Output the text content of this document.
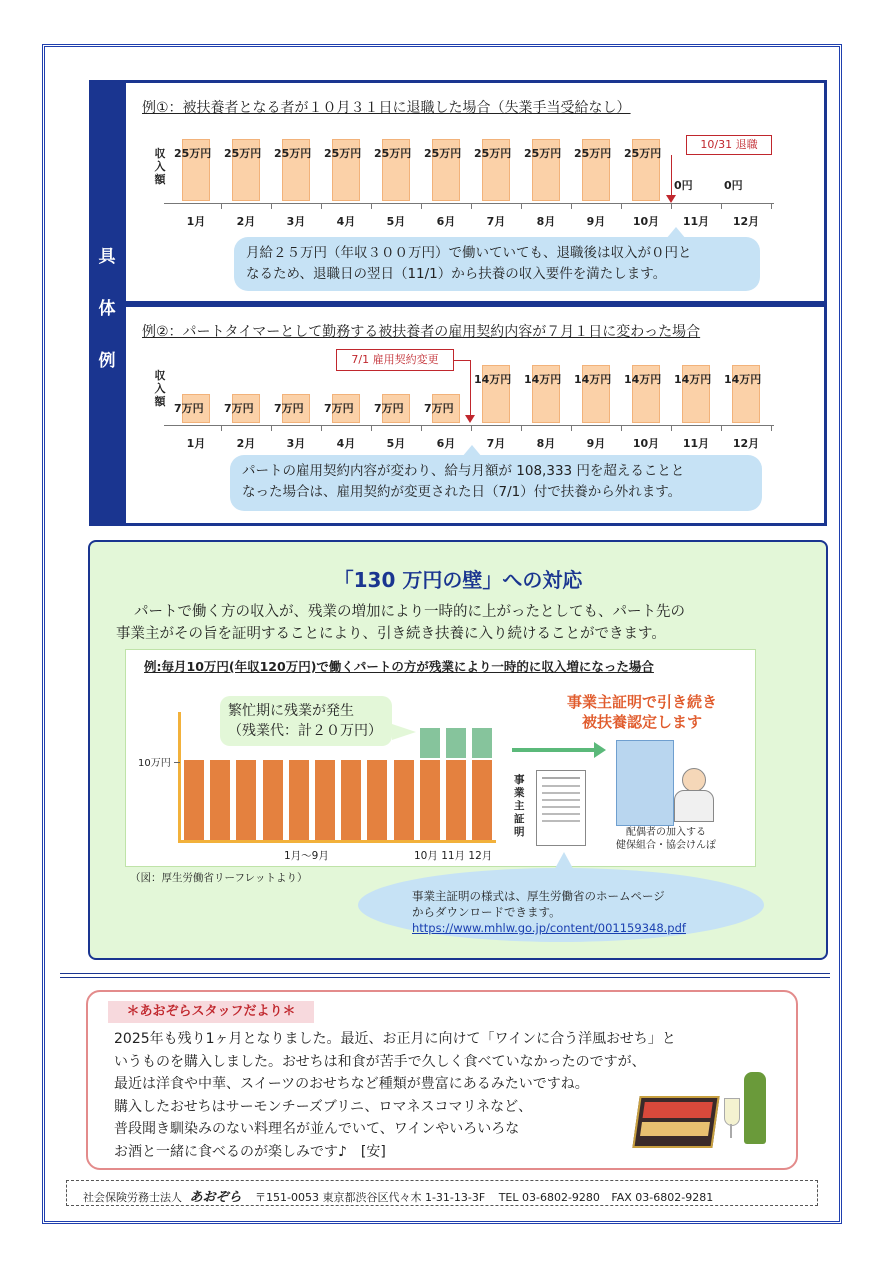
具
体
例
例①：被扶養者となる者が１０月３１日に退職した場合（失業手当受給なし）
収
入
額
25万円
1月
25万円
2月
25万円
3月
25万円
4月
25万円
5月
25万円
6月
25万円
7月
25万円
8月
25万円
9月
25万円
10月
0円
11月
0円
12月
10/31 退職
月給２５万円（年収３００万円）で働いていても、退職後は収入が０円と
なるため、退職日の翌日（11/1）から扶養の収入要件を満たします。
例②：パートタイマーとして勤務する被扶養者の雇用契約内容が７月１日に変わった場合
収
入
額
7万円
1月
7万円
2月
7万円
3月
7万円
4月
7万円
5月
7万円
6月
14万円
7月
14万円
8月
14万円
9月
14万円
10月
14万円
11月
14万円
12月
7/1 雇用契約変更
パートの雇用契約内容が変わり、給与月額が 108,333 円を超えることと
なった場合は、雇用契約が変更された日（7/1）付で扶養から外れます。
「130 万円の壁」への対応
パートで働く方の収入が、残業の増加により一時的に上がったとしても、パート先の
事業主がその旨を証明することにより、引き続き扶養に入り続けることができます。
（図：厚生労働省リーフレットより）
例:毎月10万円(年収120万円)で働くパートの方が残業により一時的に収入増になった場合
10万円
1月～9月	10月 11月 12月
繁忙期に残業が発生
（残業代：計２０万円）
事業主証明で引き続き
被扶養認定します
事業主証明	配偶者の加入する
健保組合・協会けんぽ
事業主証明の様式は、厚生労働省のホームページ
からダウンロードできます。
https://www.mhlw.go.jp/content/001159348.pdf
＊あおぞらスタッフだより＊
2025年も残り1ヶ月となりました。最近、お正月に向けて「ワインに合う洋風おせち」と
いうものを購入しました。おせちは和食が苦手で久しく食べていなかったのですが、
最近は洋食や中華、スイーツのおせちなど種類が豊富にあるみたいですね。
購入したおせちはサーモンチーズブリニ、ロマネスコマリネなど、
普段聞き馴染みのない料理名が並んでいて、ワインやいろいろな
お酒と一緒に食べるのが楽しみです♪　[安]
社会保険労務士法人 あおぞら 〒151-0053 東京都渋谷区代々木 1-31-13-3F TEL 03-6802-9280 FAX 03-6802-9281
